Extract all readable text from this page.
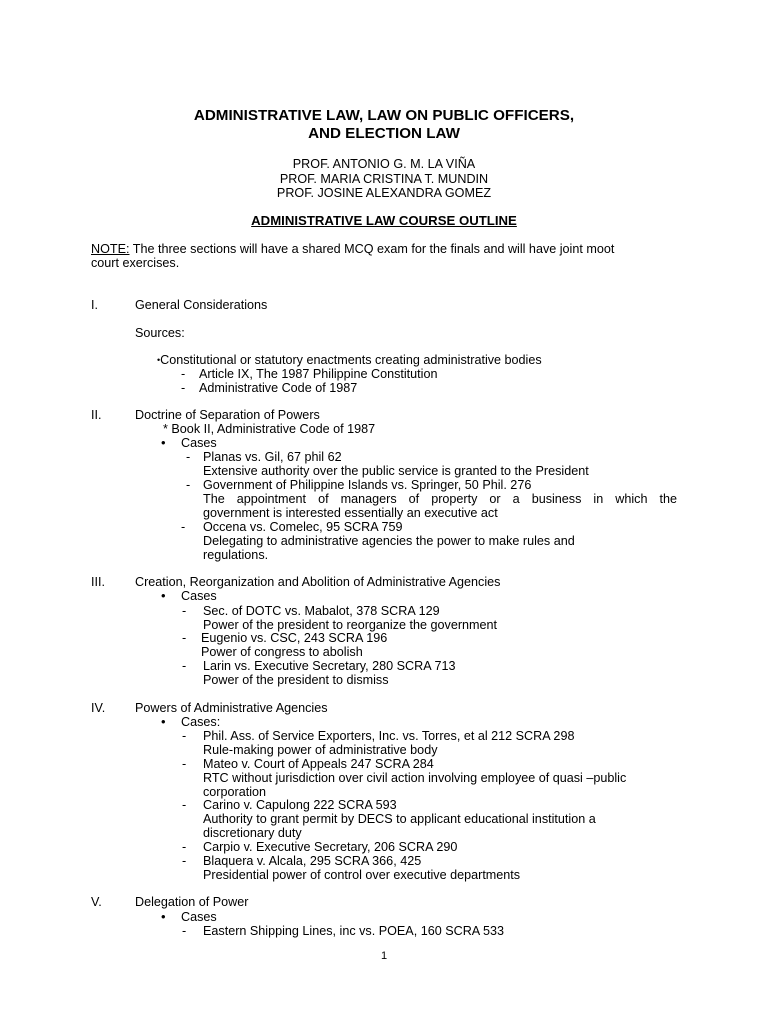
ADMINISTRATIVE LAW, LAW ON PUBLIC OFFICERS,
AND ELECTION LAW
PROF. ANTONIO G. M. LA VIÑA
PROF. MARIA CRISTINA T. MUNDIN
PROF. JOSINE ALEXANDRA GOMEZ
ADMINISTRATIVE LAW COURSE OUTLINE
NOTE: The three sections will have a shared MCQ exam for the finals and will have joint moot
court exercises.
I.	General Considerations
Sources:
•Constitutional or statutory enactments creating administrative bodies
- Article IX, The 1987 Philippine Constitution
- Administrative Code of 1987
II.	Doctrine of Separation of Powers
* Book II, Administrative Code of 1987
• Cases
- Planas vs. Gil, 67 phil 62
Extensive authority over the public service is granted to the President
- Government of Philippine Islands vs. Springer, 50 Phil. 276
The appointment of managers of property or a business in which the
government is interested essentially an executive act
- Occena vs. Comelec, 95 SCRA 759
Delegating to administrative agencies the power to make rules and
regulations.
III. Creation, Reorganization and Abolition of Administrative Agencies
• Cases
- Sec. of DOTC vs. Mabalot, 378 SCRA 129
Power of the president to reorganize the government
- Eugenio vs. CSC, 243 SCRA 196
Power of congress to abolish
- Larin vs. Executive Secretary, 280 SCRA 713
Power of the president to dismiss
IV. Powers of Administrative Agencies
• Cases:
- Phil. Ass. of Service Exporters, Inc. vs. Torres, et al 212 SCRA 298
Rule-making power of administrative body
- Mateo v. Court of Appeals 247 SCRA 284
RTC without jurisdiction over civil action involving employee of quasi –public
corporation
- Carino v. Capulong 222 SCRA 593
Authority to grant permit by DECS to applicant educational institution a
discretionary duty
- Carpio v. Executive Secretary, 206 SCRA 290
- Blaquera v. Alcala, 295 SCRA 366, 425
Presidential power of control over executive departments
V.	Delegation of Power
• Cases
- Eastern Shipping Lines, inc vs. POEA, 160 SCRA 533
1
